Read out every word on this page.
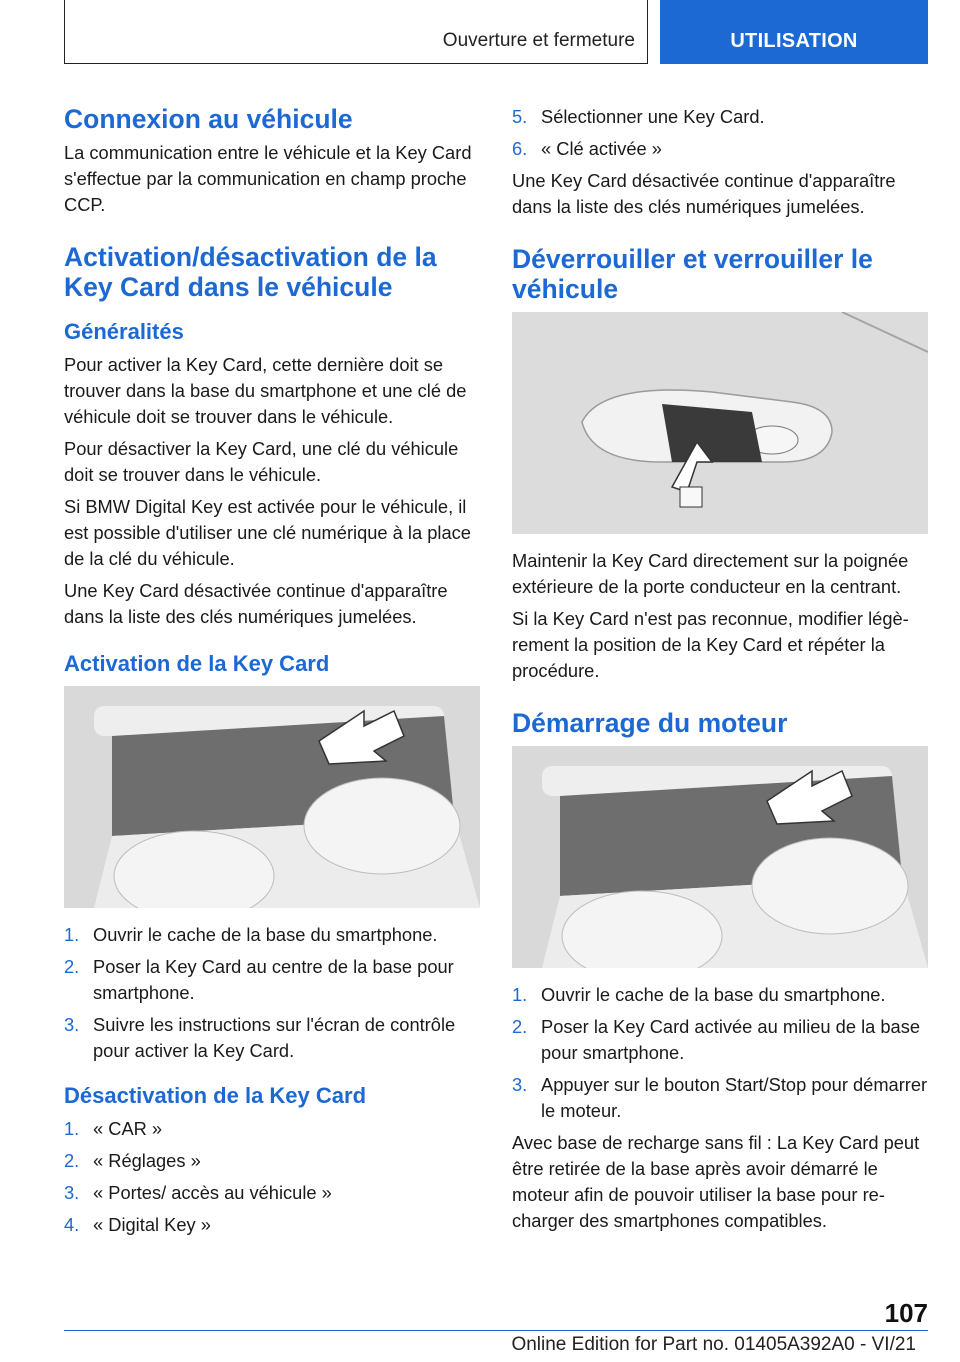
Ouverture et fermeture	UTILISATION
Connexion au véhicule

La communication entre le véhicule et la Key Card s'effectue par la communication en champ proche CCP.

Activation/désactivation de la Key Card dans le véhicule
Généralités

Pour activer la Key Card, cette dernière doit se trouver dans la base du smartphone et une clé de véhicule doit se trouver dans le véhicule.

Pour désactiver la Key Card, une clé du véhicule doit se trouver dans le véhicule.

Si BMW Digital Key est activée pour le véhicule, il est possible d'utiliser une clé numérique à la place de la clé du véhicule.

Une Key Card désactivée continue d'apparaître dans la liste des clés numériques jumelées.

Activation de la Key Card
1. Ouvrir le cache de la base du smartphone.
2. Poser la Key Card au centre de la base pour smartphone.
3. Suivre les instructions sur l'écran de contrôle pour activer la Key Card.
Désactivation de la Key Card
1. « CAR »
2. « Réglages »
3. « Portes/ accès au véhicule »
4. « Digital Key »
5. Sélectionner une Key Card.
6. « Clé activée »

Une Key Card désactivée continue d'apparaître dans la liste des clés numériques jumelées.

Déverrouiller et verrouiller le véhicule

Maintenir la Key Card directement sur la poignée extérieure de la porte conducteur en la centrant.

Si la Key Card n'est pas reconnue, modifier légèrement la position de la Key Card et répéter la procédure.

Démarrage du moteur
1. Ouvrir le cache de la base du smartphone.
2. Poser la Key Card activée au milieu de la base pour smartphone.
3. Appuyer sur le bouton Start/Stop pour démarrer le moteur.

Avec base de recharge sans fil : La Key Card peut être retirée de la base après avoir démarré le moteur afin de pouvoir utiliser la base pour recharger des smartphones compatibles.

107
Online Edition for Part no. 01405A392A0 - VI/21
